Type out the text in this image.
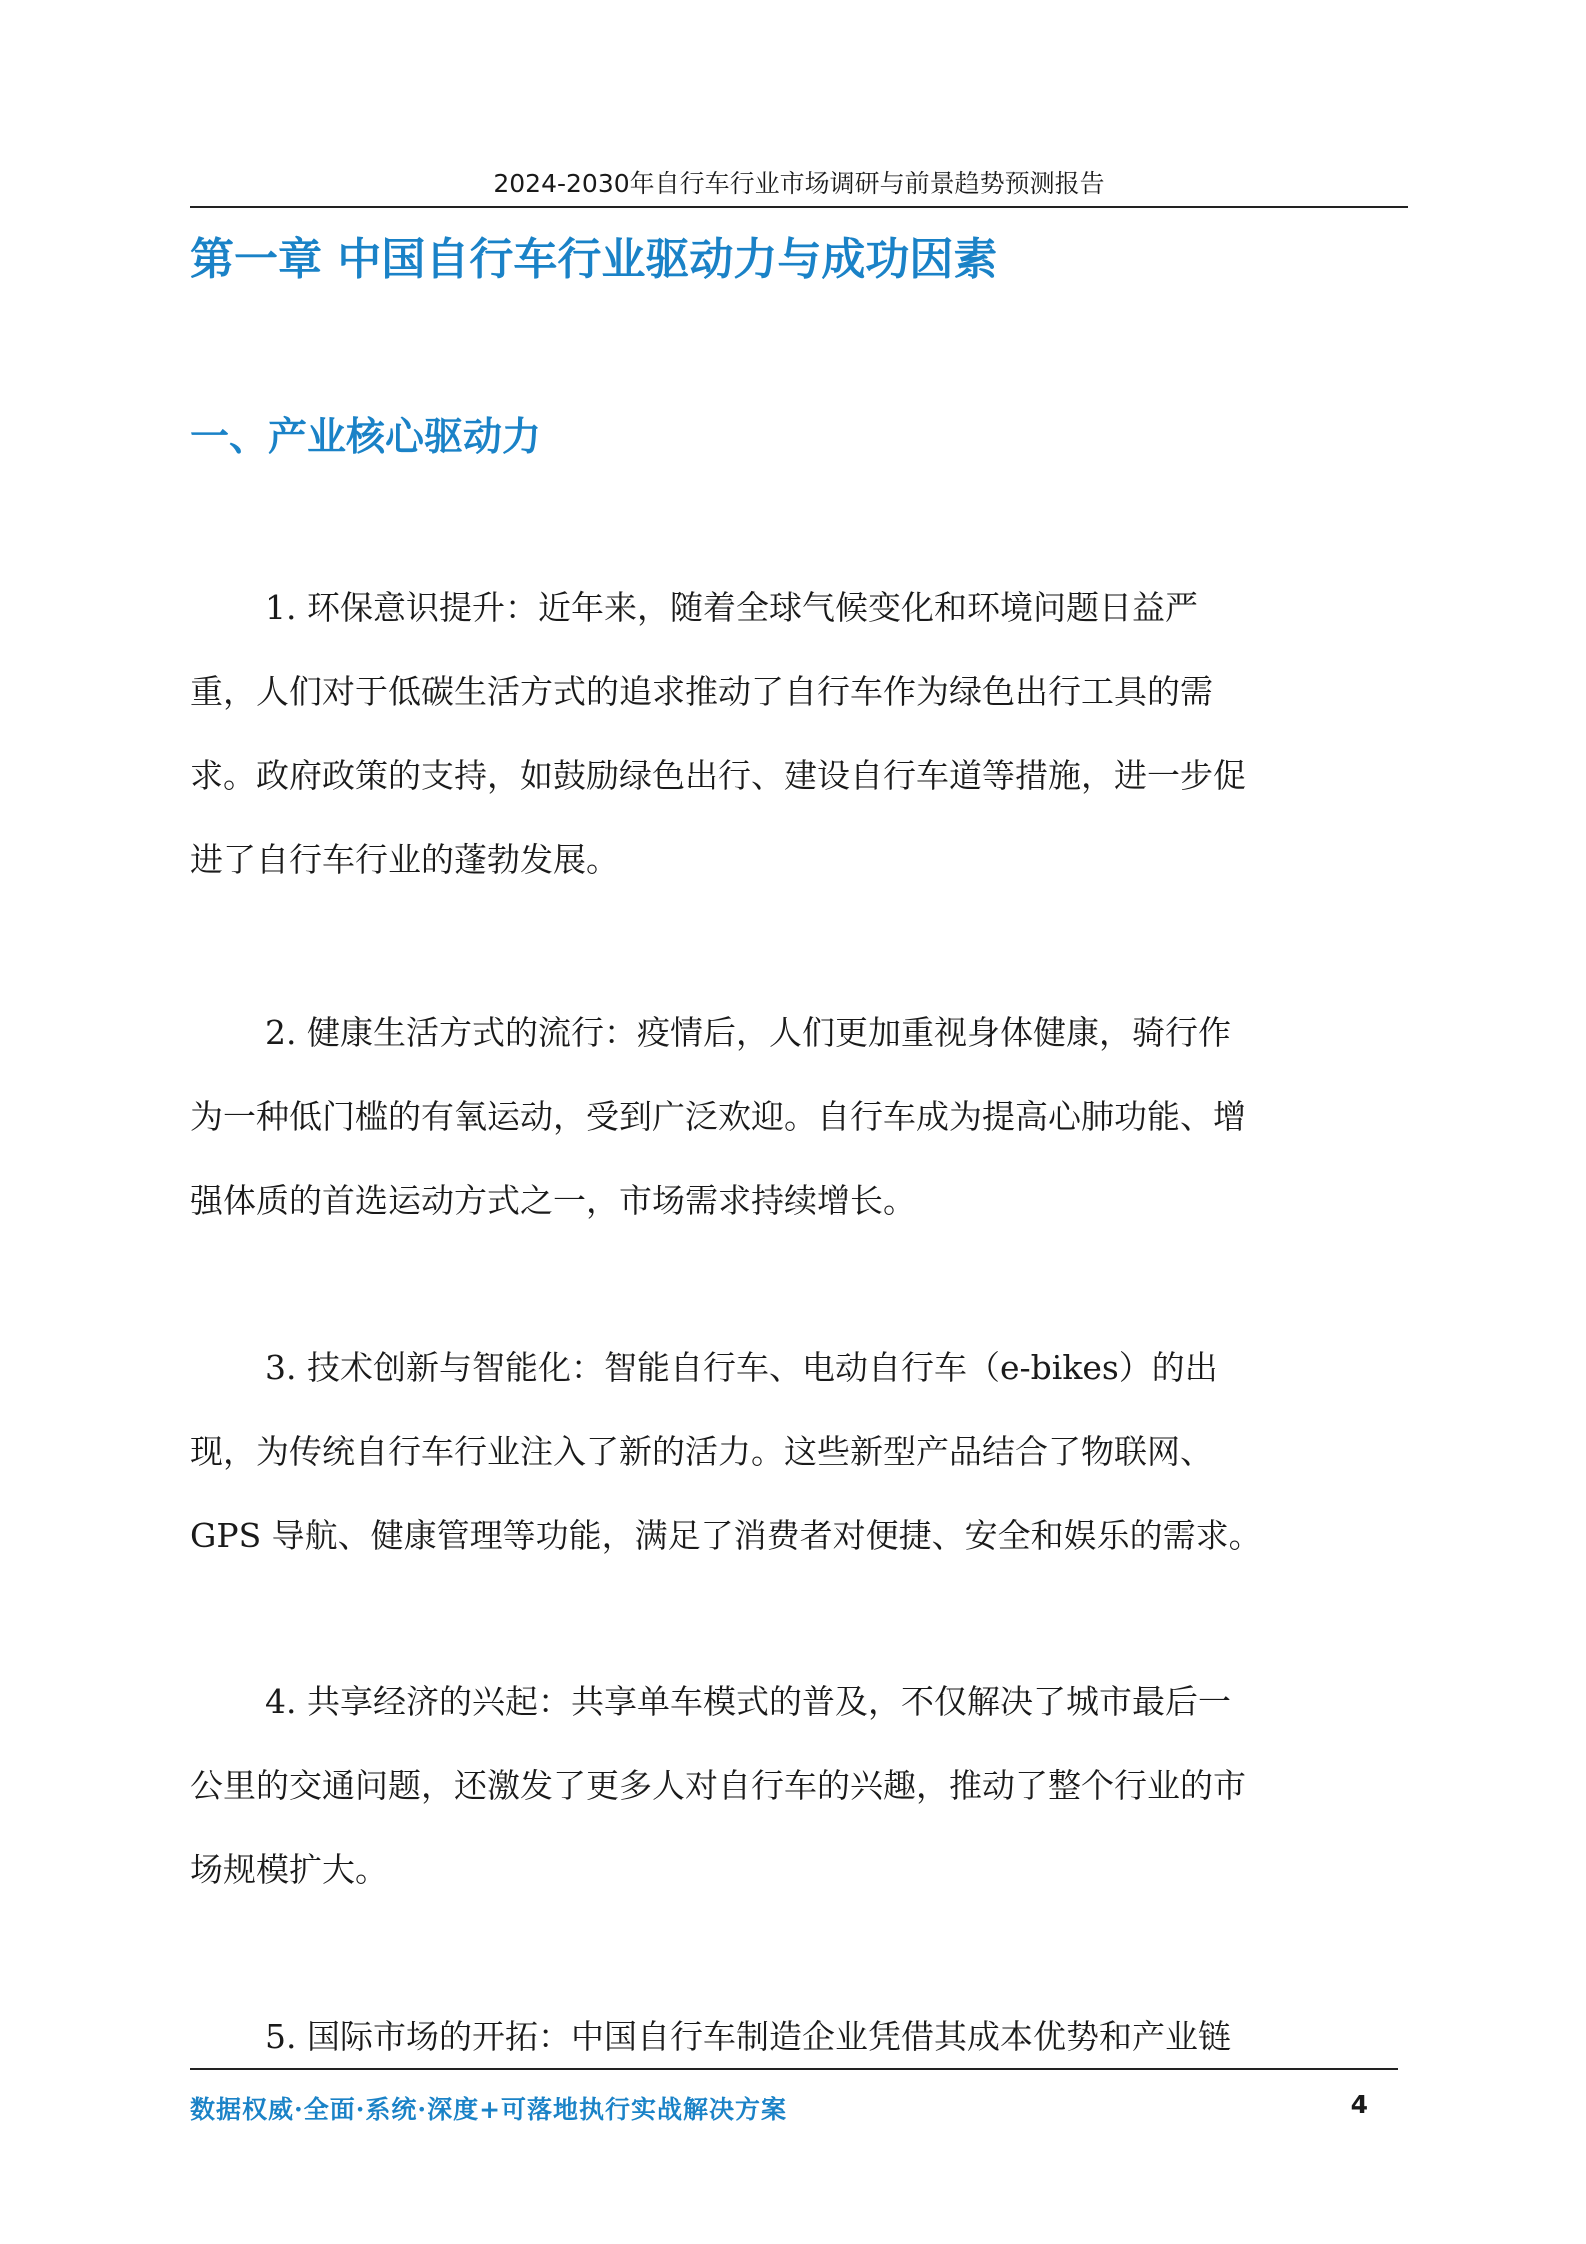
2024-2030年自行车行业市场调研与前景趋势预测报告
第一章 中国自行车行业驱动力与成功因素
一、产业核心驱动力
1. 环保意识提升：近年来，随着全球气候变化和环境问题日益严
重，人们对于低碳生活方式的追求推动了自行车作为绿色出行工具的需
求。政府政策的支持，如鼓励绿色出行、建设自行车道等措施，进一步促
进了自行车行业的蓬勃发展。
2. 健康生活方式的流行：疫情后，人们更加重视身体健康，骑行作
为一种低门槛的有氧运动，受到广泛欢迎。自行车成为提高心肺功能、增
强体质的首选运动方式之一，市场需求持续增长。
3. 技术创新与智能化：智能自行车、电动自行车（e-bikes）的出
现，为传统自行车行业注入了新的活力。这些新型产品结合了物联网、
GPS 导航、健康管理等功能，满足了消费者对便捷、安全和娱乐的需求。
4. 共享经济的兴起：共享单车模式的普及，不仅解决了城市最后一
公里的交通问题，还激发了更多人对自行车的兴趣，推动了整个行业的市
场规模扩大。
5. 国际市场的开拓：中国自行车制造企业凭借其成本优势和产业链
数据权威·全面·系统·深度+可落地执行实战解决方案	4
